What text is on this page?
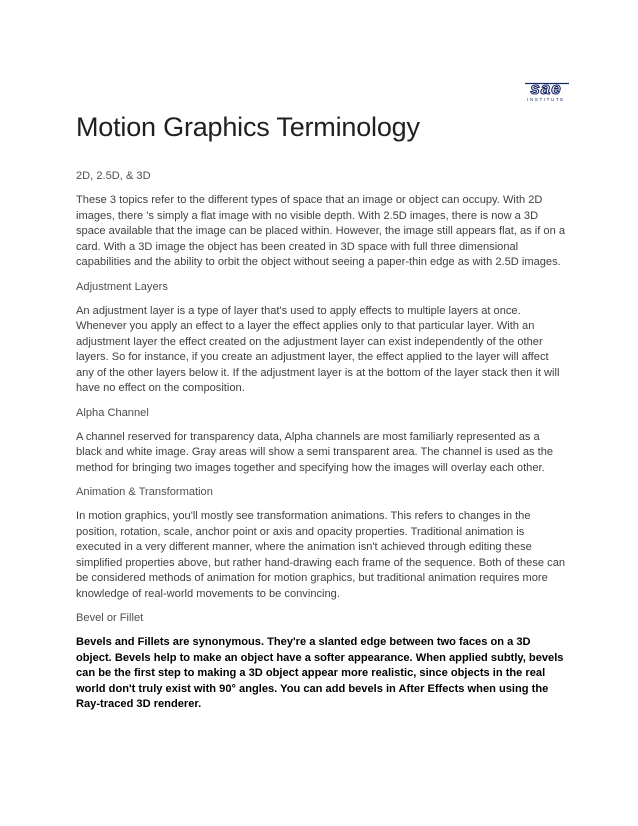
sae
INSTITUTE
Motion Graphics Terminology

2D, 2.5D, & 3D

These 3 topics refer to the different types of space that an image or object can occupy. With 2D images, there 's simply a flat image with no visible depth. With 2.5D images, there is now a 3D space available that the image can be placed within. However, the image still appears flat, as if on a card. With a 3D image the object has been created in 3D space with full three dimensional capabilities and the ability to orbit the object without seeing a paper-thin edge as with 2.5D images.

Adjustment Layers

An adjustment layer is a type of layer that's used to apply effects to multiple layers at once. Whenever you apply an effect to a layer the effect applies only to that particular layer. With an adjustment layer the effect created on the adjustment layer can exist independently of the other layers. So for instance, if you create an adjustment layer, the effect applied to the layer will affect any of the other layers below it. If the adjustment layer is at the bottom of the layer stack then it will have no effect on the composition.

Alpha Channel

A channel reserved for transparency data, Alpha channels are most familiarly represented as a black and white image. Gray areas will show a semi transparent area. The channel is used as the method for bringing two images together and specifying how the images will overlay each other.

Animation & Transformation

In motion graphics, you'll mostly see transformation animations. This refers to changes in the position, rotation, scale, anchor point or axis and opacity properties. Traditional animation is executed in a very different manner, where the animation isn't achieved through editing these simplified properties above, but rather hand-drawing each frame of the sequence. Both of these can be considered methods of animation for motion graphics, but traditional animation requires more knowledge of real-world movements to be convincing.

Bevel or Fillet

Bevels and Fillets are synonymous. They're a slanted edge between two faces on a 3D object. Bevels help to make an object have a softer appearance. When applied subtly, bevels can be the first step to making a 3D object appear more realistic, since objects in the real world don't truly exist with 90° angles. You can add bevels in After Effects when using the Ray-traced 3D renderer.
